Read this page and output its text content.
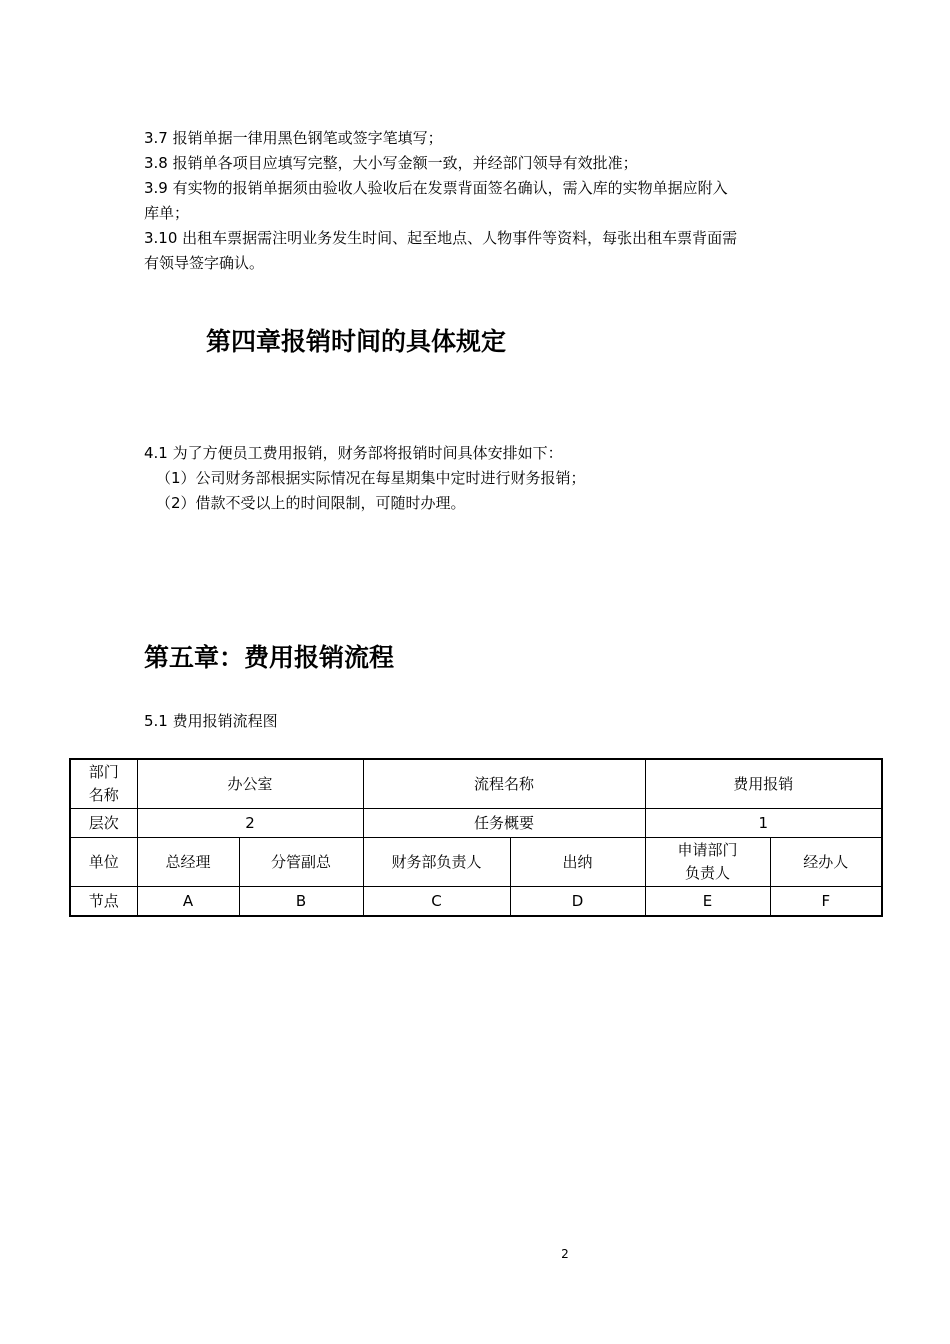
3.7 报销单据一律用黑色钢笔或签字笔填写；
3.8 报销单各项目应填写完整，大小写金额一致，并经部门领导有效批准；
3.9 有实物的报销单据须由验收人验收后在发票背面签名确认，需入库的实物单据应附入
库单；
3.10 出租车票据需注明业务发生时间、起至地点、人物事件等资料，每张出租车票背面需
有领导签字确认。
第四章报销时间的具体规定
4.1 为了方便员工费用报销，财务部将报销时间具体安排如下：
（1）公司财务部根据实际情况在每星期集中定时进行财务报销；
（2）借款不受以上的时间限制，可随时办理。
第五章：费用报销流程
5.1 费用报销流程图
部门
名称	办公室		流程名称		费用报销	
层次	2		任务概要		1	
单位	总经理	分管副总	财务部负责人	出纳	申请部门负责人	经办人
节点	A	B	C	D	E	F
2
